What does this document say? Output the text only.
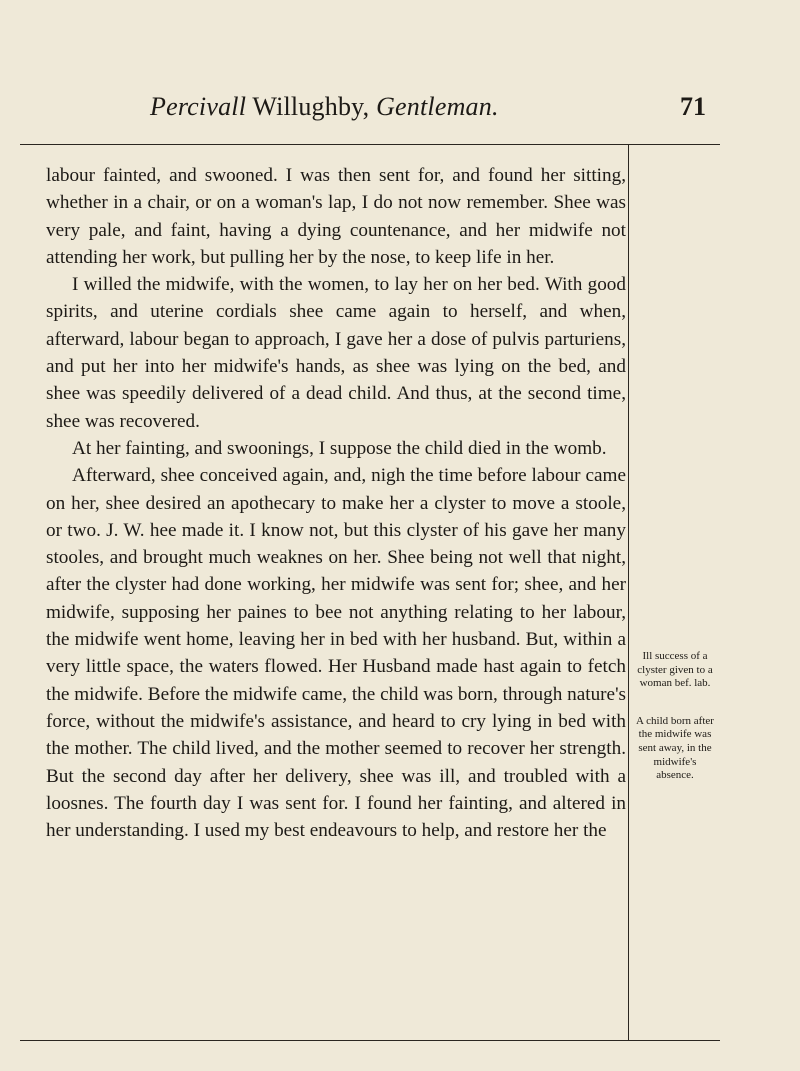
Percivall Willughby, Gentleman.	71

labour fainted, and swooned. I was then sent for, and found her sitting, whether in a chair, or on a woman's lap, I do not now remember. Shee was very pale, and faint, having a dying countenance, and her midwife not attending her work, but pulling her by the nose, to keep life in her.

I willed the midwife, with the women, to lay her on her bed. With good spirits, and uterine cordials shee came again to herself, and when, afterward, labour began to approach, I gave her a dose of pulvis parturiens, and put her into her midwife's hands, as shee was lying on the bed, and shee was speedily delivered of a dead child. And thus, at the second time, shee was recovered.

At her fainting, and swoonings, I suppose the child died in the womb.

Afterward, shee conceived again, and, nigh the time before labour came on her, shee desired an apothecary to make her a clyster to move a stoole, or two. J. W. hee made it. I know not, but this clyster of his gave her many stooles, and brought much weaknes on her. Shee being not well that night, after the clyster had done working, her midwife was sent for; shee, and her midwife, supposing her paines to bee not anything relating to her labour, the midwife went home, leaving her in bed with her husband. But, within a very little space, the waters flowed. Her Husband made hast again to fetch the midwife. Before the midwife came, the child was born, through nature's force, without the midwife's assistance, and heard to cry lying in bed with the mother. The child lived, and the mother seemed to recover her strength. But the second day after her delivery, shee was ill, and troubled with a loosnes. The fourth day I was sent for. I found her fainting, and altered in her understanding. I used my best endeavours to help, and restore her the

Ill success of a clyster given to a woman bef. lab.

A child born after the midwife was sent away, in the midwife's absence.
